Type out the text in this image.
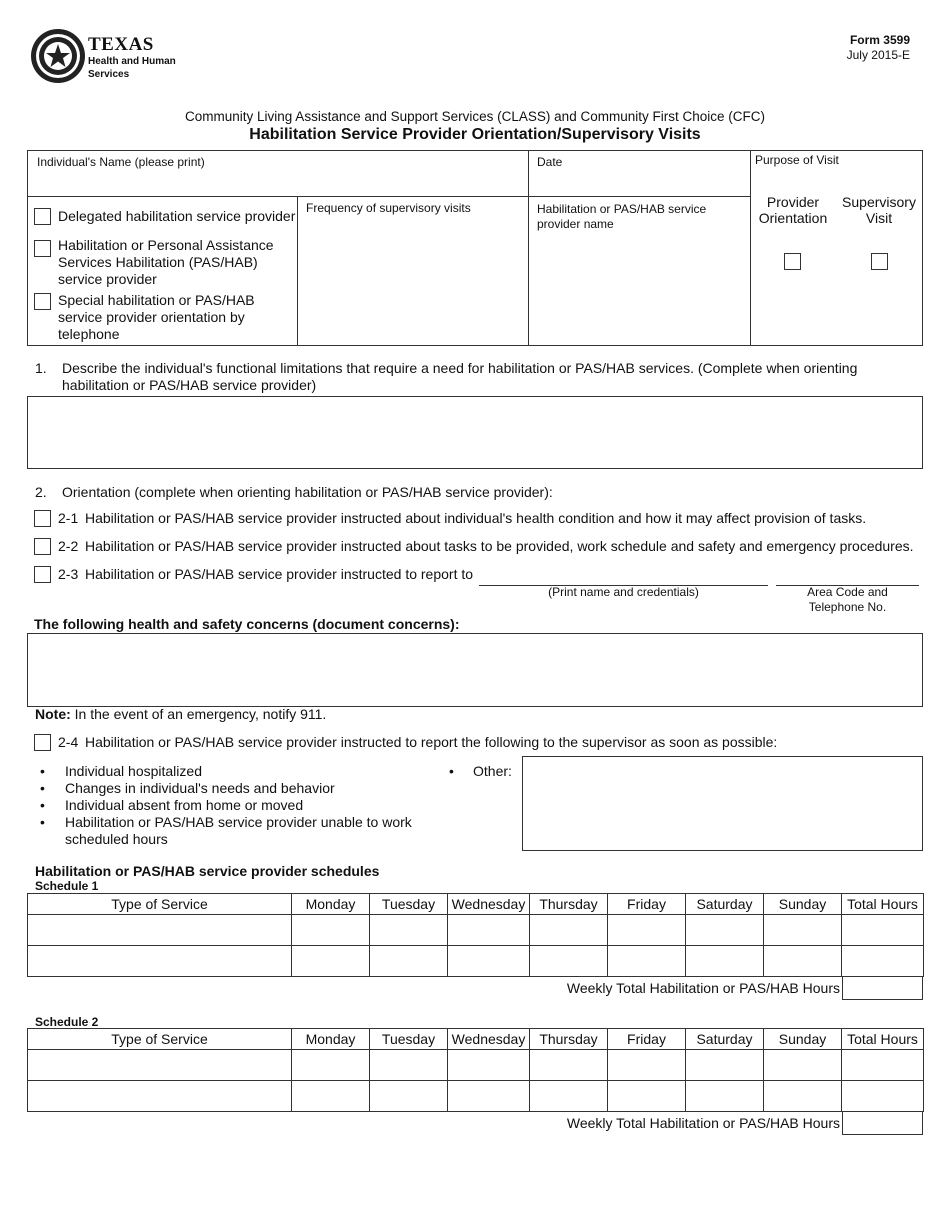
TEXAS
Health and Human
Services
Form 3599
July 2015-E
Community Living Assistance and Support Services (CLASS) and Community First Choice (CFC)
Habilitation Service Provider Orientation/Supervisory Visits
Individual's Name (please print)	Date	Purpose of Visit
Provider Orientation
Supervisory Visit
Delegated habilitation service provider
Habilitation or Personal Assistance Services Habilitation (PAS/HAB) service provider
Special habilitation or PAS/HAB service provider orientation by telephone
Frequency of supervisory visits	Habilitation or PAS/HAB service provider name
1. Describe the individual's functional limitations that require a need for habilitation or PAS/HAB services. (Complete when orienting habilitation or PAS/HAB service provider)
2. Orientation (complete when orienting habilitation or PAS/HAB service provider):
2-1 Habilitation or PAS/HAB service provider instructed about individual's health condition and how it may affect provision of tasks.
2-2 Habilitation or PAS/HAB service provider instructed about tasks to be provided, work schedule and safety and emergency procedures.
2-3 Habilitation or PAS/HAB service provider instructed to report to
(Print name and credentials)	Area Code and Telephone No.
The following health and safety concerns (document concerns):
Note: In the event of an emergency, notify 911.
2-4 Habilitation or PAS/HAB service provider instructed to report the following to the supervisor as soon as possible:
• Individual hospitalized
• Changes in individual's needs and behavior
• Individual absent from home or moved
• Habilitation or PAS/HAB service provider unable to work scheduled hours
• Other:
Habilitation or PAS/HAB service provider schedules
Schedule 1
Type of Service	Monday	Tuesday	Wednesday	Thursday	Friday	Saturday	Sunday	Total Hours

Weekly Total Habilitation or PAS/HAB Hours
Schedule 2
Type of Service	Monday	Tuesday	Wednesday	Thursday	Friday	Saturday	Sunday	Total Hours

Weekly Total Habilitation or PAS/HAB Hours
